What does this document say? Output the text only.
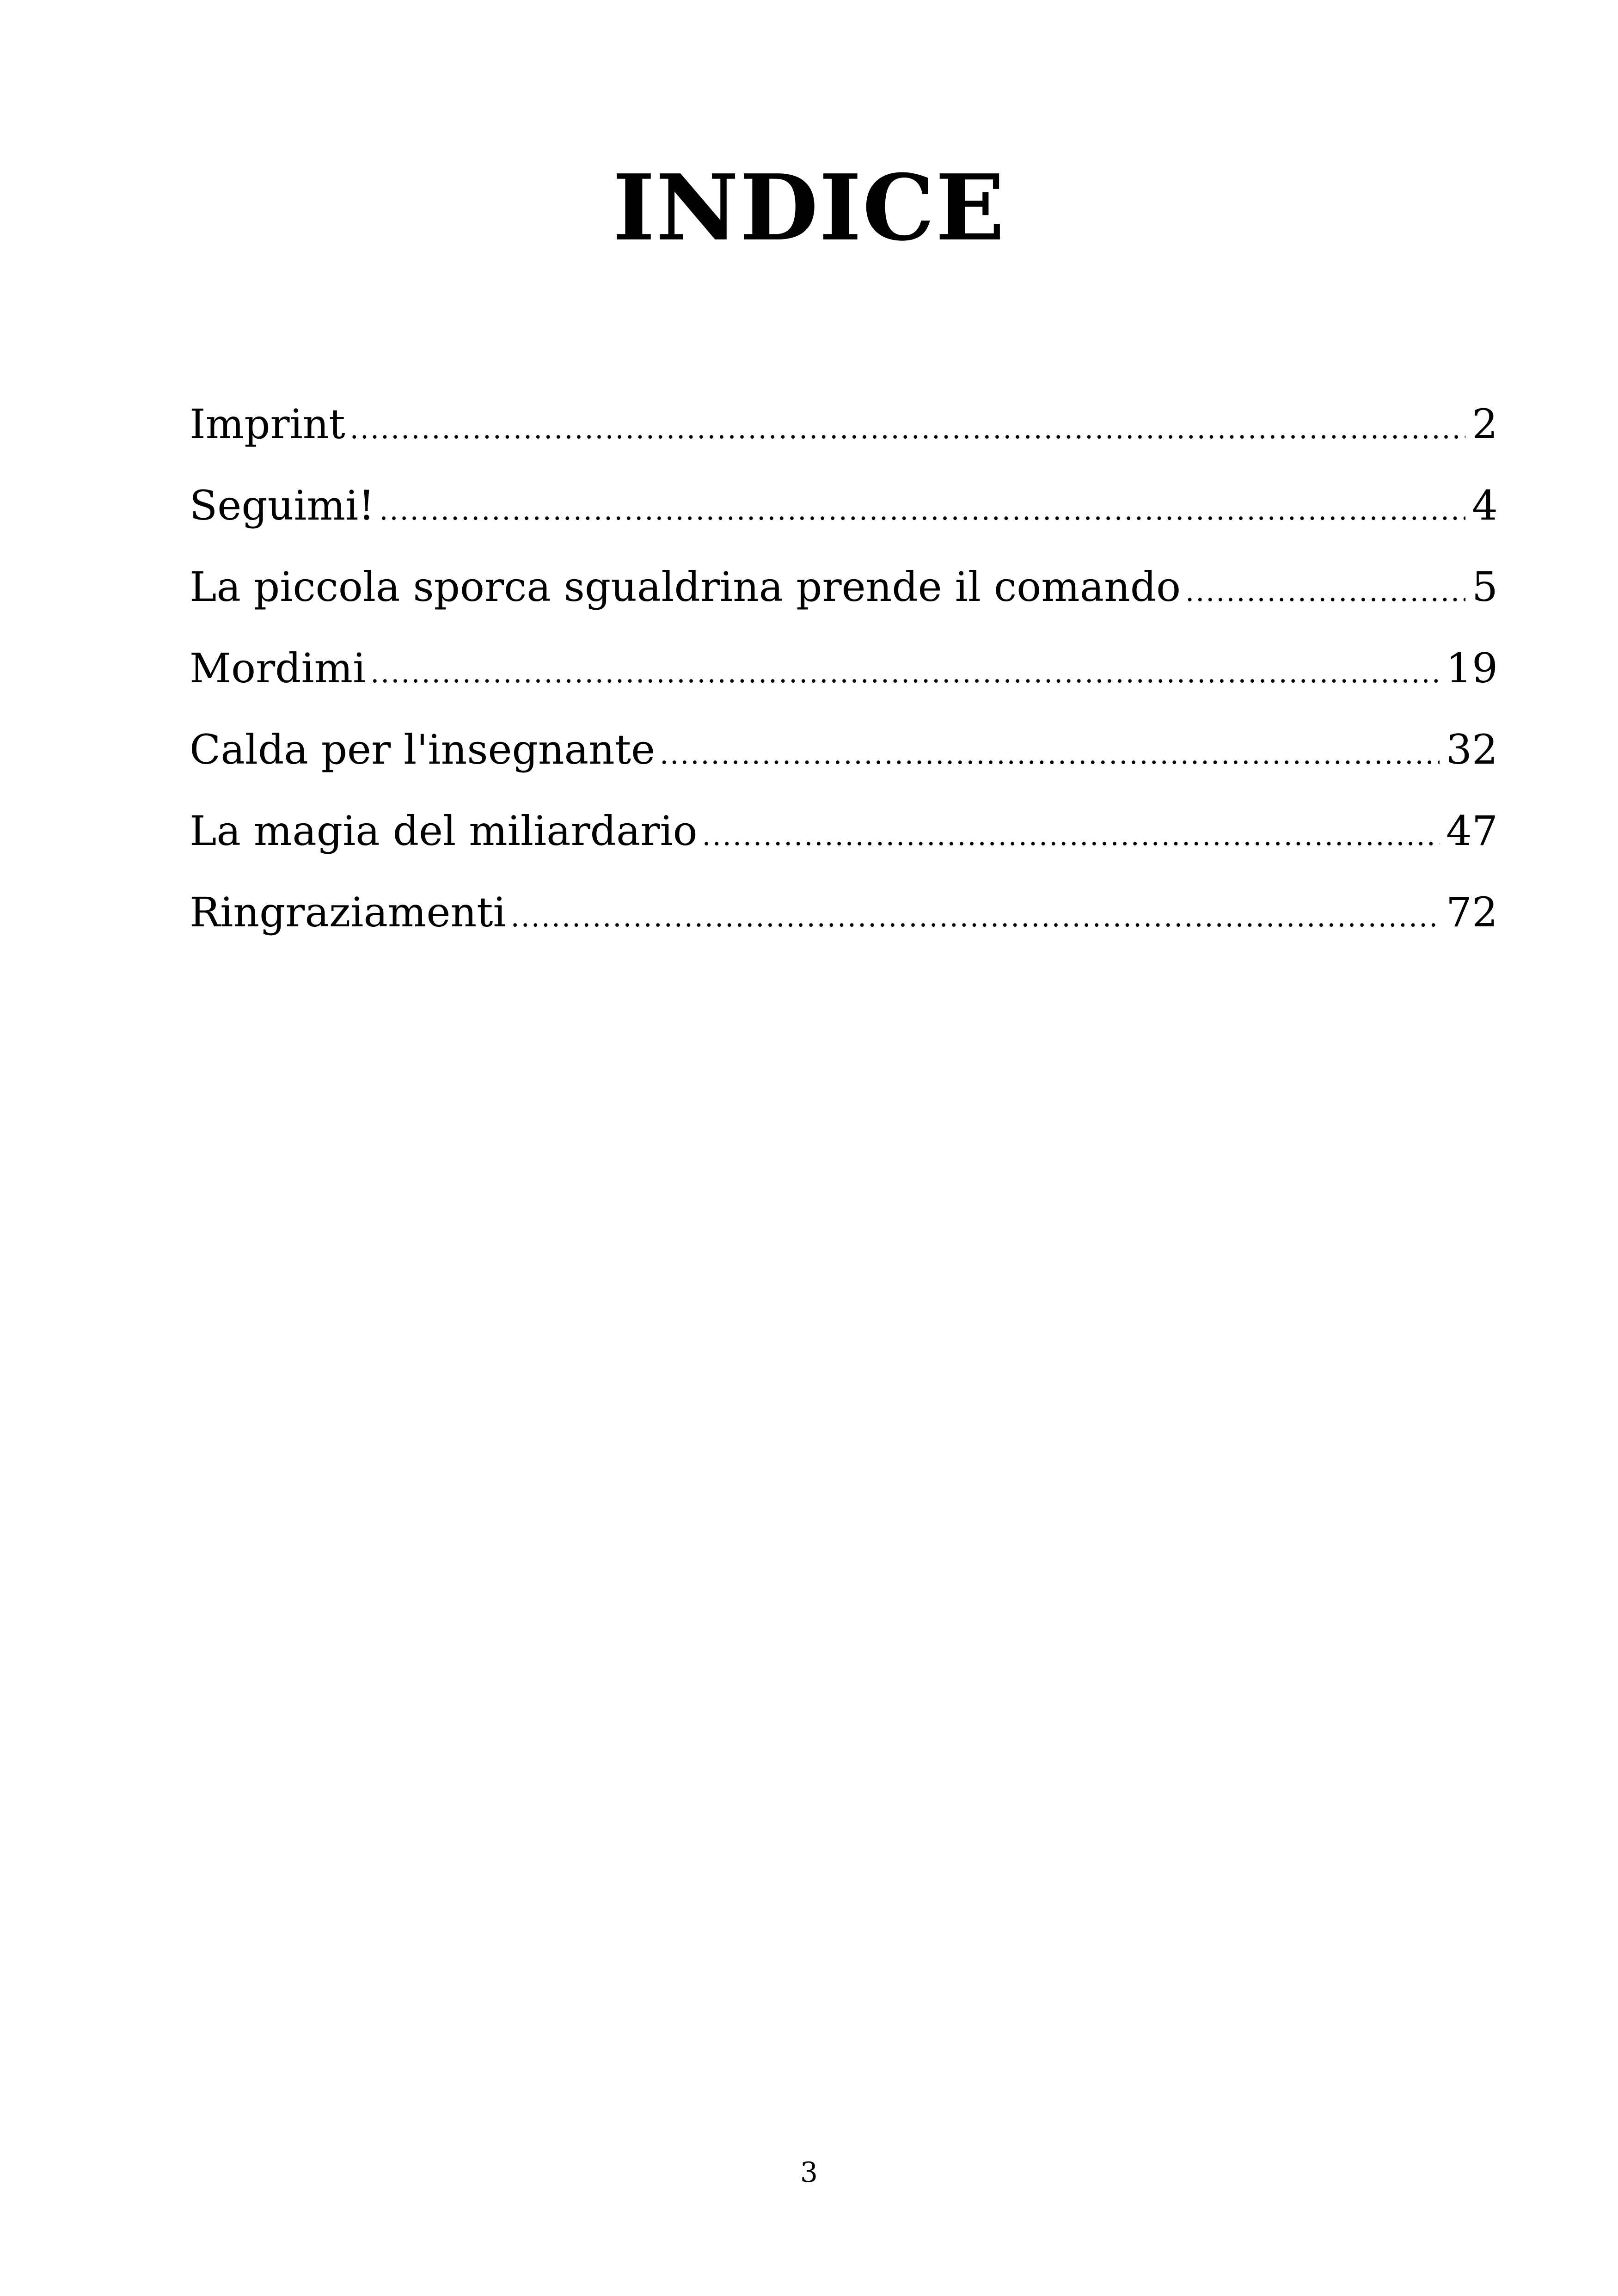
INDICE
Imprint .....	2
Seguimi! .....	4
La piccola sporca sgualdrina prende il comando .....	5
Mordimi .....	19
Calda per l'insegnante .....	32
La magia del miliardario .....	47
Ringraziamenti .....	72
3
